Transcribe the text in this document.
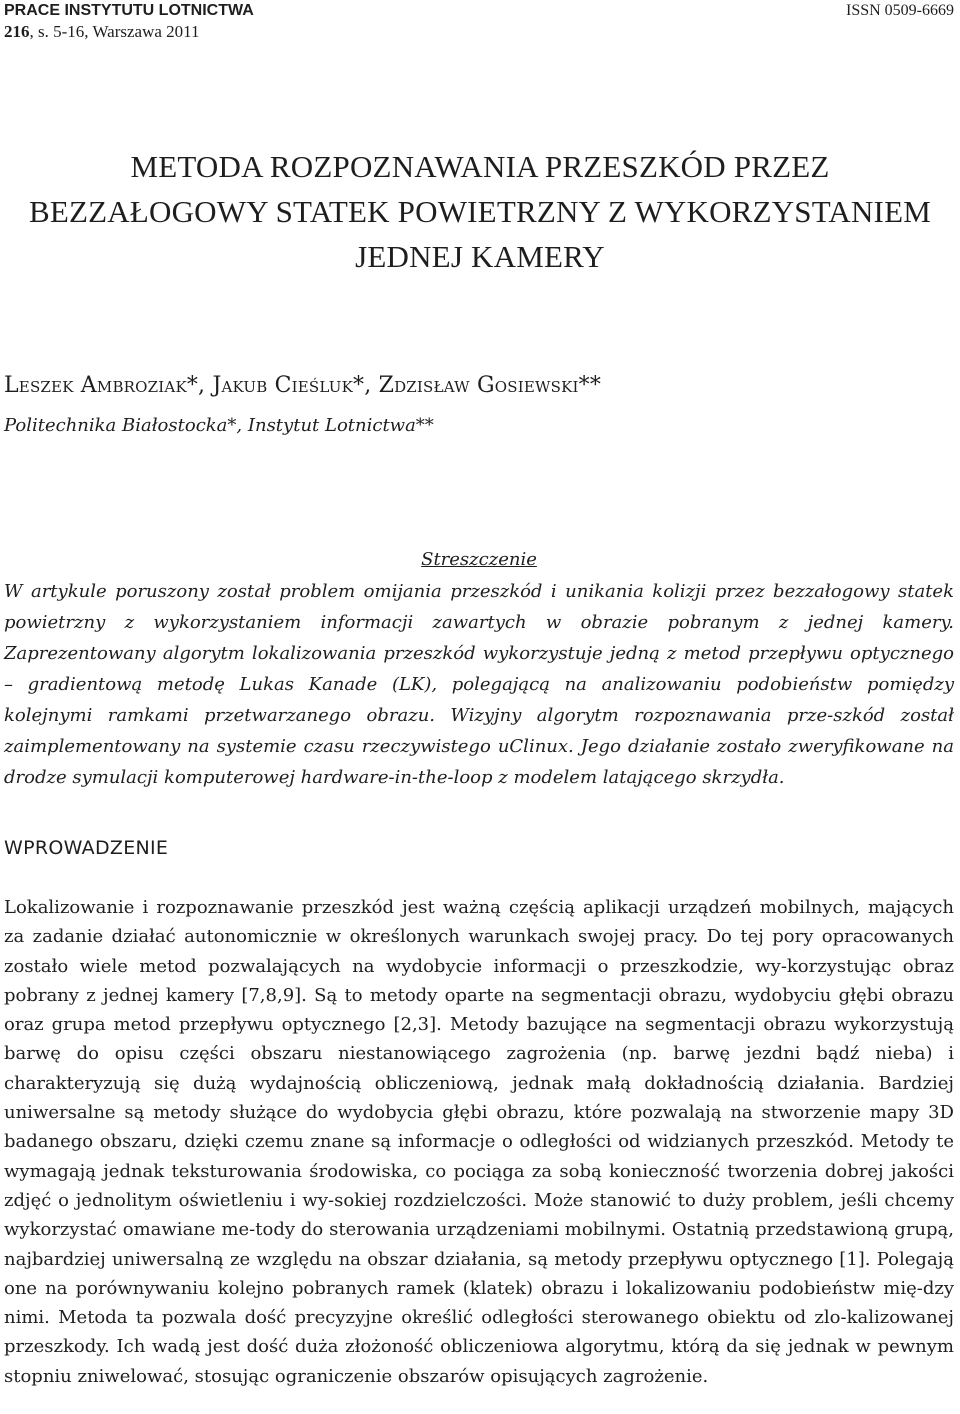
PRACE INSTYTUTU LOTNICTWA
216, s. 5-16, Warszawa 2011
ISSN 0509-6669
METODA ROZPOZNAWANIA PRZESZKÓD PRZEZ
BEZZAŁOGOWY STATEK POWIETRZNY Z WYKORZYSTANIEM
JEDNEJ KAMERY
Leszek Ambroziak*, Jakub Cieśluk*, Zdzisław Gosiewski**
Politechnika Białostocka*, Instytut Lotnictwa**
Streszczenie

W artykule poruszony został problem omijania przeszkód i unikania kolizji przez bezzałogowy statek powietrzny z wykorzystaniem informacji zawartych w obrazie pobranym z jednej kamery. Zaprezentowany algorytm lokalizowania przeszkód wykorzystuje jedną z metod przepływu optycznego – gradientową metodę Lukas Kanade (LK), polegającą na analizowaniu podobieństw pomiędzy kolejnymi ramkami przetwarzanego obrazu. Wizyjny algorytm rozpoznawania prze-szkód został zaimplementowany na systemie czasu rzeczywistego uClinux. Jego działanie zostało zweryfikowane na drodze symulacji komputerowej hardware-in-the-loop z modelem latającego skrzydła.

WPROWADZENIE

Lokalizowanie i rozpoznawanie przeszkód jest ważną częścią aplikacji urządzeń mobilnych, mających za zadanie działać autonomicznie w określonych warunkach swojej pracy. Do tej pory opracowanych zostało wiele metod pozwalających na wydobycie informacji o przeszkodzie, wy-korzystując obraz pobrany z jednej kamery [7,8,9]. Są to metody oparte na segmentacji obrazu, wydobyciu głębi obrazu oraz grupa metod przepływu optycznego [2,3]. Metody bazujące na segmentacji obrazu wykorzystują barwę do opisu części obszaru niestanowiącego zagrożenia (np. barwę jezdni bądź nieba) i charakteryzują się dużą wydajnością obliczeniową, jednak małą dokładnością działania. Bardziej uniwersalne są metody służące do wydobycia głębi obrazu, które pozwalają na stworzenie mapy 3D badanego obszaru, dzięki czemu znane są informacje o odległości od widzianych przeszkód. Metody te wymagają jednak teksturowania środowiska, co pociąga za sobą konieczność tworzenia dobrej jakości zdjęć o jednolitym oświetleniu i wy-sokiej rozdzielczości. Może stanowić to duży problem, jeśli chcemy wykorzystać omawiane me-tody do sterowania urządzeniami mobilnymi. Ostatnią przedstawioną grupą, najbardziej uniwersalną ze względu na obszar działania, są metody przepływu optycznego [1]. Polegają one na porównywaniu kolejno pobranych ramek (klatek) obrazu i lokalizowaniu podobieństw mię-dzy nimi. Metoda ta pozwala dość precyzyjne określić odległości sterowanego obiektu od zlo-kalizowanej przeszkody. Ich wadą jest dość duża złożoność obliczeniowa algorytmu, którą da się jednak w pewnym stopniu zniwelować, stosując ograniczenie obszarów opisujących zagrożenie.
